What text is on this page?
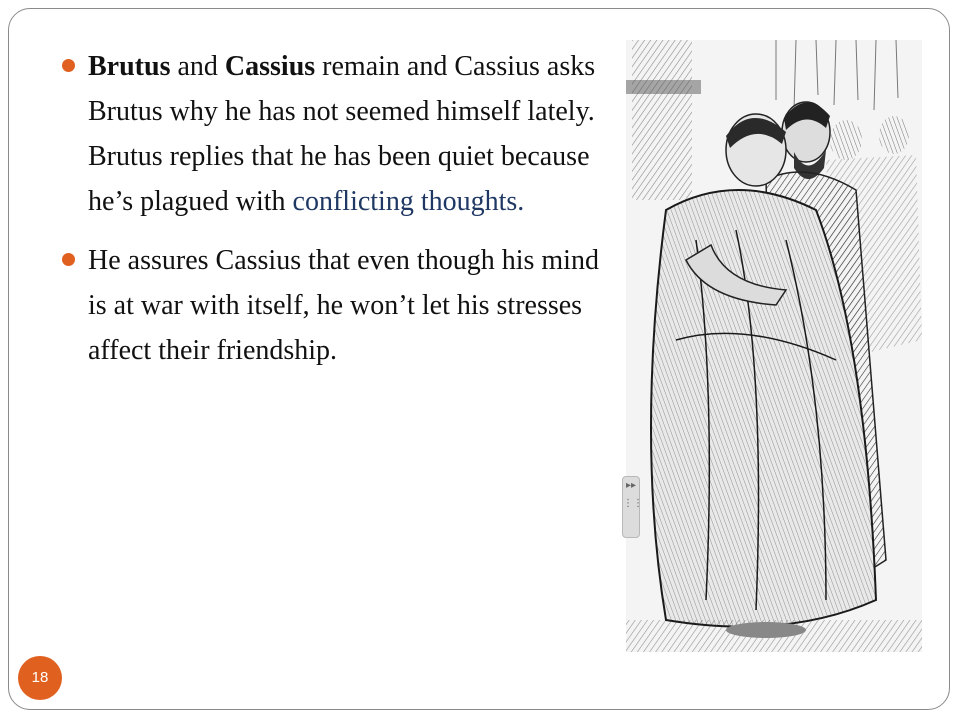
Brutus and Cassius remain and Cassius asks Brutus why he has not seemed himself lately. Brutus replies that he has been quiet because he’s plagued with conflicting thoughts.
He assures Cassius that even though his mind is at war with itself, he won’t let his stresses affect their friendship.
▸▸
⋮⋮
18
